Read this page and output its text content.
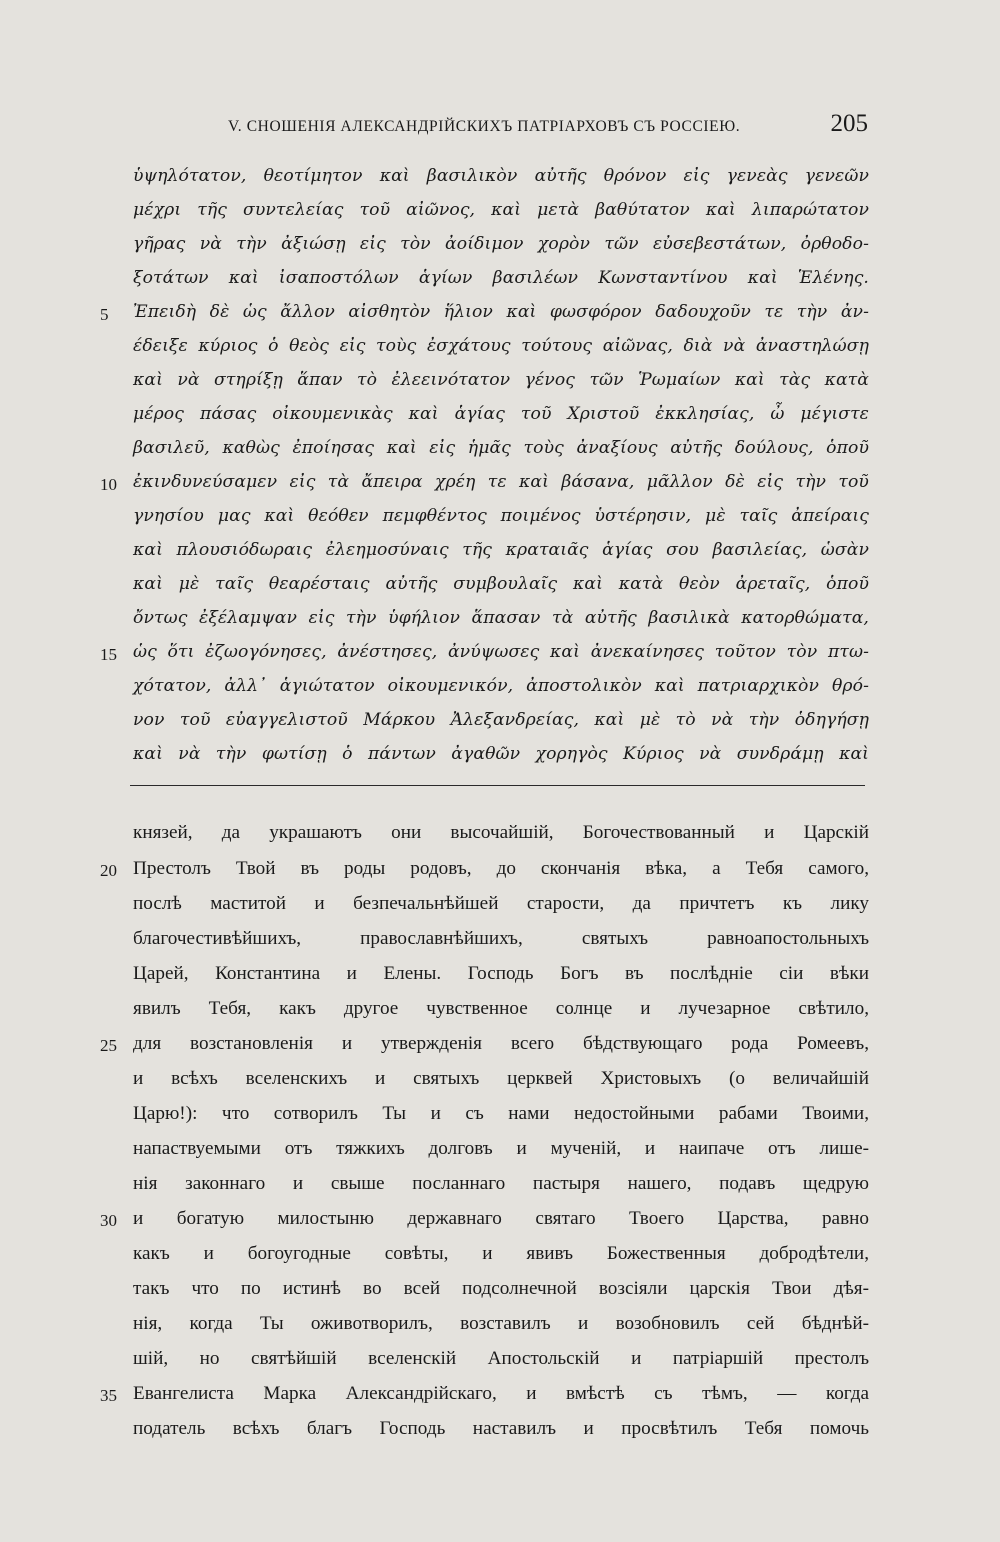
V. СНОШЕНІЯ АЛЕКСАНДРІЙСКИХЪ ПАТРІАРХОВЪ СЪ РОССІЕЮ.	205
ὑψηλότατον, θεοτίμητον καὶ βασιλικὸν αὐτῆς θρόνον εἰς γενεὰς γενεῶν
μέχρι τῆς συντελείας τοῦ αἰῶνος, καὶ μετὰ βαθύτατον καὶ λιπαρώτατον
γῆρας νὰ τὴν ἀξιώσῃ εἰς τὸν ἀοίδιμον χορὸν τῶν εὐσεβεστάτων, ὀρθοδο-
ξοτάτων καὶ ἰσαποστόλων ἁγίων βασιλέων Κωνσταντίνου καὶ Ἑλένης.
Ἐπειδὴ δὲ ὡς ἄλλον αἰσθητὸν ἥλιον καὶ φωσφόρον δαδουχοῦν τε τὴν ἀν-
έδειξε κύριος ὁ θεὸς εἰς τοὺς ἐσχάτους τούτους αἰῶνας, διὰ νὰ ἀναστηλώσῃ
καὶ νὰ στηρίξῃ ἅπαν τὸ ἐλεεινότατον γένος τῶν Ῥωμαίων καὶ τὰς κατὰ
μέρος πάσας οἰκουμενικὰς καὶ ἁγίας τοῦ Χριστοῦ ἐκκλησίας, ὦ μέγιστε
βασιλεῦ, καθὼς ἐποίησας καὶ εἰς ἡμᾶς τοὺς ἀναξίους αὐτῆς δούλους, ὁποῦ
ἐκινδυνεύσαμεν εἰς τὰ ἄπειρα χρέη τε καὶ βάσανα, μᾶλλον δὲ εἰς τὴν τοῦ
γνησίου μας καὶ θεόθεν πεμφθέντος ποιμένος ὑστέρησιν, μὲ ταῖς ἀπείραις
καὶ πλουσιόδωραις ἐλεημοσύναις τῆς κραταιᾶς ἁγίας σου βασιλείας, ὡσὰν
καὶ μὲ ταῖς θεαρέσταις αὐτῆς συμβουλαῖς καὶ κατὰ θεὸν ἀρεταῖς, ὁποῦ
ὄντως ἐξέλαμψαν εἰς τὴν ὑφήλιον ἅπασαν τὰ αὐτῆς βασιλικὰ κατορθώματα,
ὡς ὅτι ἐζωογόνησες, ἀνέστησες, ἀνύψωσες καὶ ἀνεκαίνησες τοῦτον τὸν πτω-
χότατον, ἀλλ᾽ ἁγιώτατον οἰκουμενικόν, ἀποστολικὸν καὶ πατριαρχικὸν θρό-
νον τοῦ εὐαγγελιστοῦ Μάρκου Ἀλεξανδρείας, καὶ μὲ τὸ νὰ τὴν ὁδηγήσῃ
καὶ νὰ τὴν φωτίσῃ ὁ πάντων ἀγαθῶν χορηγὸς Κύριος νὰ συνδράμῃ καὶ
5
10
15
князей, да украшаютъ они высочайшій, Богочествованный и Царскій
Престолъ Твой въ роды родовъ, до скончанія вѣка, а Тебя самого,
послѣ маститой и безпечальнѣйшей старости, да причтетъ къ лику
благочестивѣйшихъ, православнѣйшихъ, святыхъ равноапостольныхъ
Царей, Константина и Елены. Господь Богъ въ послѣдніе сіи вѣки
явилъ Тебя, какъ другое чувственное солнце и лучезарное свѣтило,
для возстановленія и утвержденія всего бѣдствующаго рода Ромеевъ,
и всѣхъ вселенскихъ и святыхъ церквей Христовыхъ (о величайшій
Царю!): что сотворилъ Ты и съ нами недостойными рабами Твоими,
напаствуемыми отъ тяжкихъ долговъ и мученій, и наипаче отъ лише-
нія законнаго и свыше посланнаго пастыря нашего, подавъ щедрую
и богатую милостыню державнаго святаго Твоего Царства, равно
какъ и богоугодные совѣты, и явивъ Божественныя добродѣтели,
такъ что по истинѣ во всей подсолнечной возсіяли царскія Твои дѣя-
нія, когда Ты оживотворилъ, возставилъ и возобновилъ сей бѣднѣй-
шій, но святѣйшій вселенскій Апостольскій и патріаршій престолъ
Евангелиста Марка Александрійскаго, и вмѣстѣ съ тѣмъ, — когда
податель всѣхъ благъ Господь наставилъ и просвѣтилъ Тебя помочь
20
25
30
35
